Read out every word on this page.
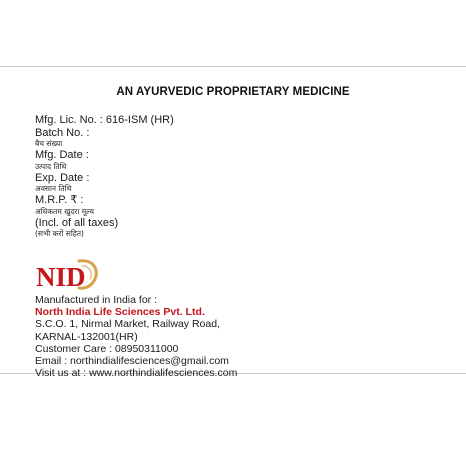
AN AYURVEDIC PROPRIETARY MEDICINE
Mfg. Lic. No. : 616-ISM (HR)
Batch No. :
बैच संख्या
Mfg. Date :
उत्पाद तिथि
Exp. Date :
अवसान तिथि
M.R.P. ₹ :
अधिकतम खुदरा मूल्य
(Incl. of all taxes)
(सभी करों सहित)
NID
Manufactured in India for :
North India Life Sciences Pvt. Ltd.
S.C.O. 1, Nirmal Market, Railway Road,
KARNAL-132001(HR)
Customer Care : 08950311000
Email : northindialifesciences@gmail.com
Visit us at : www.northindialifesciences.com
